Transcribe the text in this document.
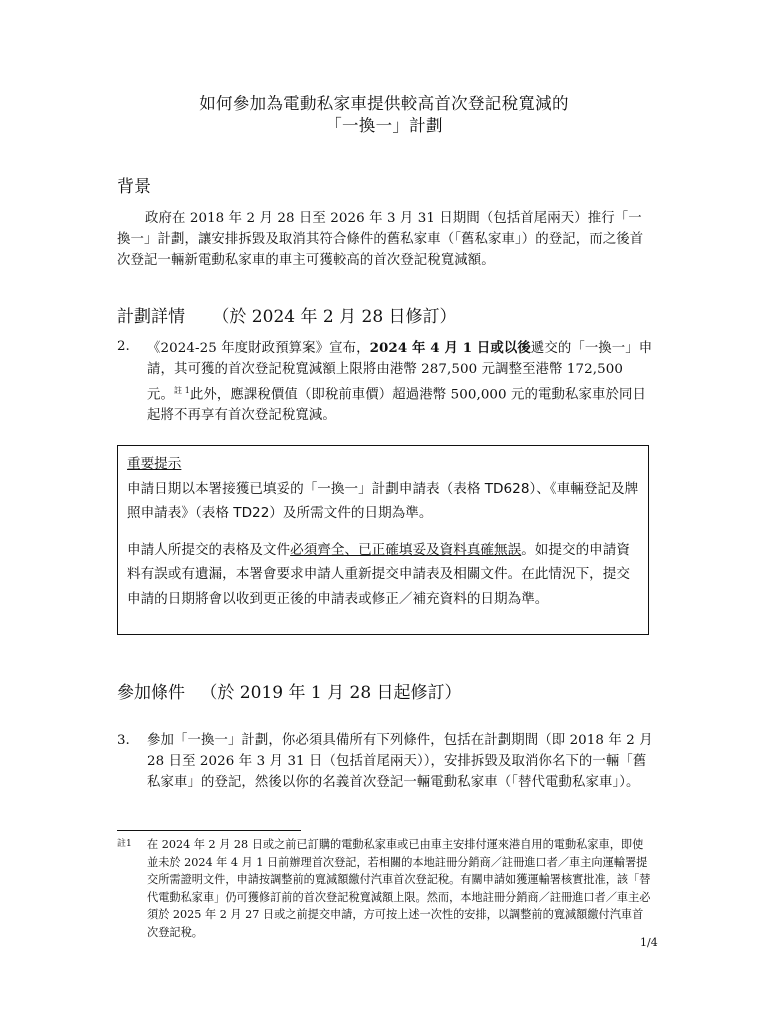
如何參加為電動私家車提供較高首次登記稅寬減的
「一換一」計劃
背景
政府在 2018 年 2 月 28 日至 2026 年 3 月 31 日期間（包括首尾兩天）推行「一換一」計劃，讓安排拆毀及取消其符合條件的舊私家車（「舊私家車」）的登記，而之後首次登記一輛新電動私家車的車主可獲較高的首次登記稅寬減額。
計劃詳情 （於 2024 年 2 月 28 日修訂）
2. 《2024-25 年度財政預算案》宣布，2024 年 4 月 1 日或以後遞交的「一換一」申請，其可獲的首次登記稅寬減額上限將由港幣 287,500 元調整至港幣 172,500 元。$^{註 1}$此外，應課稅價值（即稅前車價）超過港幣 500,000 元的電動私家車於同日起將不再享有首次登記稅寬減。
重要提示
申請日期以本署接獲已填妥的「一換一」計劃申請表（表格 TD628）、《車輛登記及牌照申請表》（表格 TD22）及所需文件的日期為準。
申請人所提交的表格及文件必須齊全、已正確填妥及資料真確無誤。如提交的申請資料有誤或有遺漏，本署會要求申請人重新提交申請表及相關文件。在此情況下，提交申請的日期將會以收到更正後的申請表或修正／補充資料的日期為準。
參加條件 （於 2019 年 1 月 28 日起修訂）
3. 參加「一換一」計劃，你必須具備所有下列條件，包括在計劃期間（即 2018 年 2 月 28 日至 2026 年 3 月 31 日（包括首尾兩天）），安排拆毀及取消你名下的一輛「舊私家車」的登記，然後以你的名義首次登記一輛電動私家車（「替代電動私家車」）。
註1 在 2024 年 2 月 28 日或之前已訂購的電動私家車或已由車主安排付運來港自用的電動私家車，即使並未於 2024 年 4 月 1 日前辦理首次登記，若相關的本地註冊分銷商／註冊進口者／車主向運輸署提交所需證明文件，申請按調整前的寬減額繳付汽車首次登記稅。有關申請如獲運輸署核實批准，該「替代電動私家車」仍可獲修訂前的首次登記稅寬減額上限。然而，本地註冊分銷商／註冊進口者／車主必須於 2025 年 2 月 27 日或之前提交申請，方可按上述一次性的安排，以調整前的寬減額繳付汽車首次登記稅。
1/4
